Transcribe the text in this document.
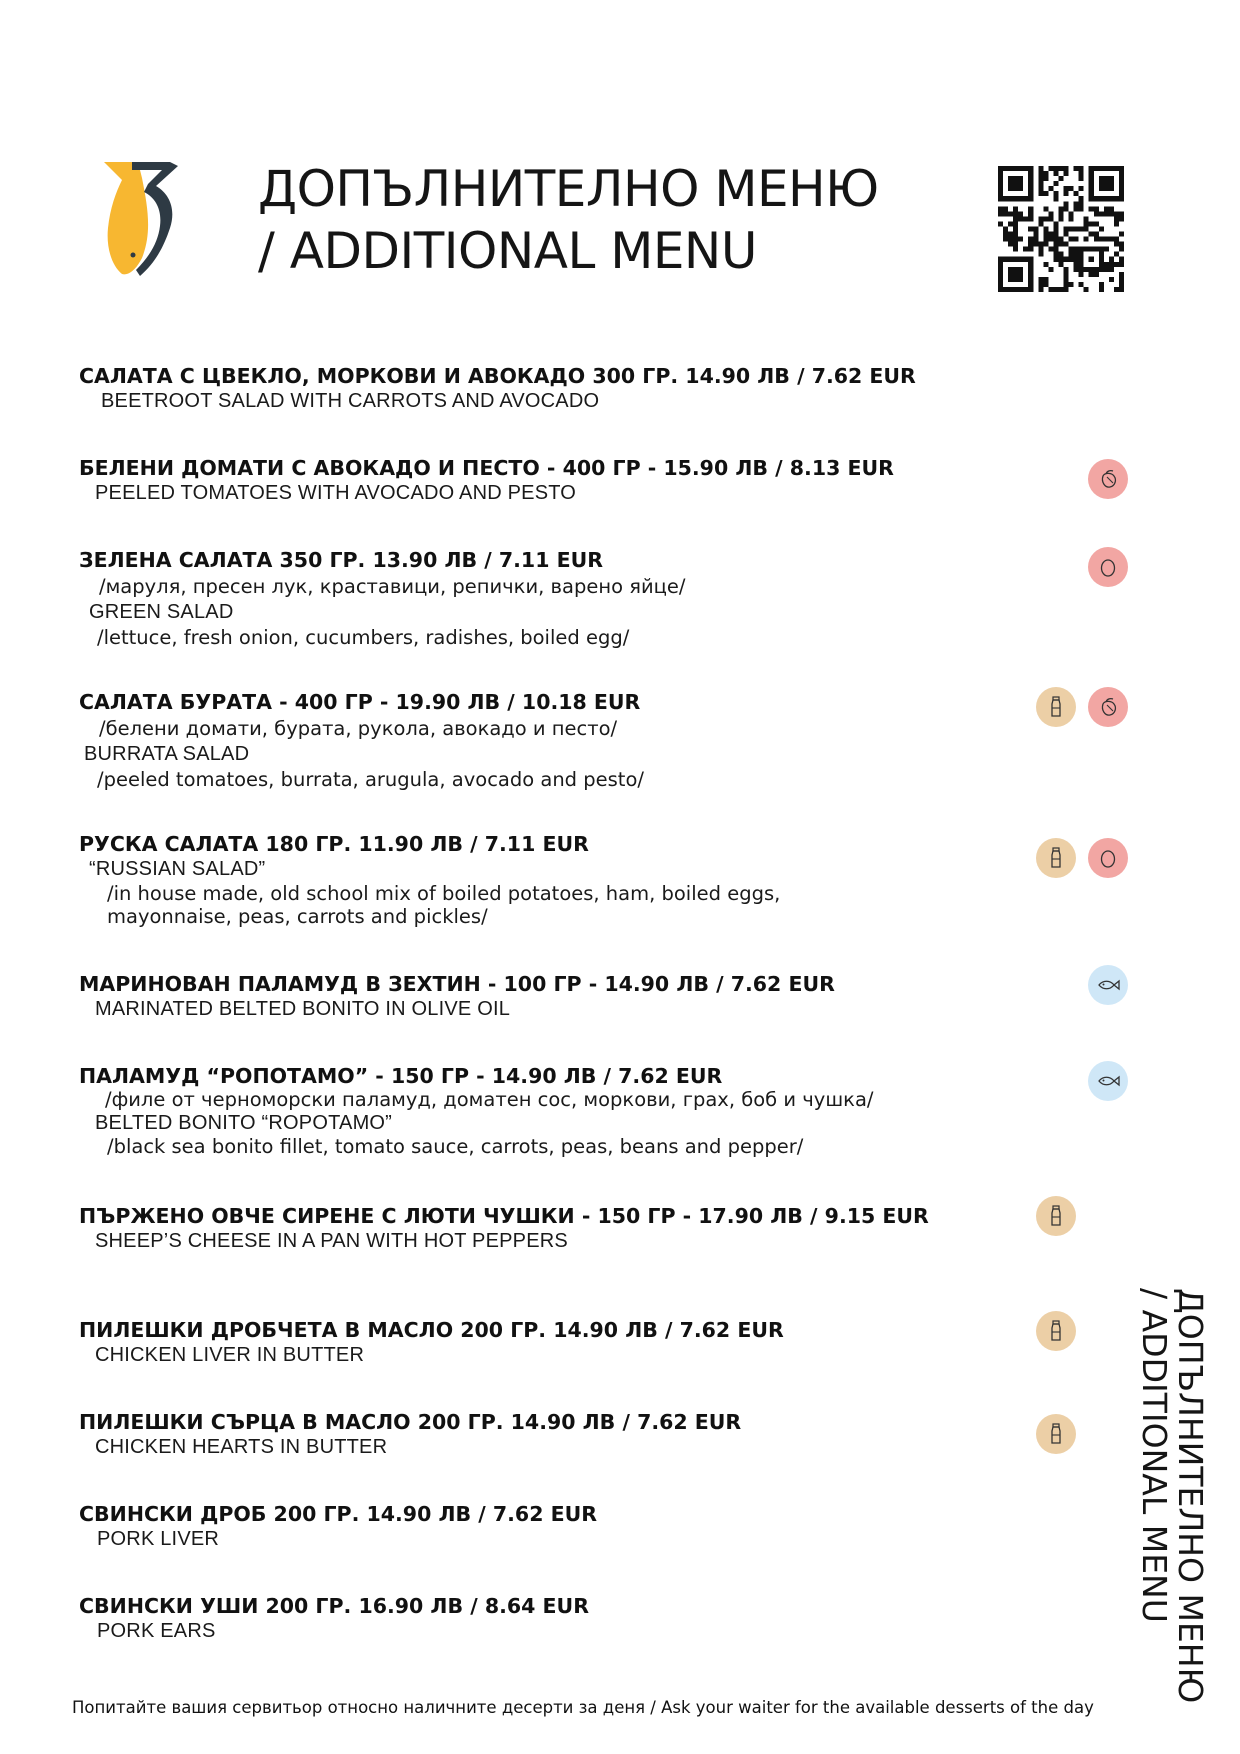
ДОПЪЛНИТЕЛНО МЕНЮ
/ ADDITIONAL MENU
САЛАТА С ЦВЕКЛО, МОРКОВИ И АВОКАДО 300 ГР. 14.90 ЛВ / 7.62 EUR
BEETROOT SALAD WITH CARROTS AND AVOCADO
БЕЛЕНИ ДОМАТИ С АВОКАДО И ПЕСТО - 400 ГР - 15.90 ЛВ / 8.13 EUR
PEELED TOMATOES WITH AVOCADO AND PESTO
ЗЕЛЕНА САЛАТА 350 ГР. 13.90 ЛВ / 7.11 EUR
/маруля, пресен лук, краставици, репички, варено яйце/
GREEN SALAD
/lettuce, fresh onion, cucumbers, radishes, boiled egg/
САЛАТА БУРАТА - 400 ГР - 19.90 ЛВ / 10.18 EUR
/белени домати, бурата, рукола, авокадо и песто/
BURRATA SALAD
/peeled tomatoes, burrata, arugula, avocado and pesto/
РУСКА САЛАТА 180 ГР. 11.90 ЛВ / 7.11 EUR
“RUSSIAN SALAD”
/in house made, old school mix of boiled potatoes, ham, boiled eggs,
mayonnaise, peas, carrots and pickles/
МАРИНОВАН ПАЛАМУД В ЗЕХТИН - 100 ГР - 14.90 ЛВ / 7.62 EUR
MARINATED BELTED BONITO IN OLIVE OIL
ПАЛАМУД “РОПОТАМО” - 150 ГР - 14.90 ЛВ / 7.62 EUR
/филе от черноморски паламуд, доматен сос, моркови, грах, боб и чушка/
BELTED BONITO “ROPOTAMO”
/black sea bonito fillet, tomato sauce, carrots, peas, beans and pepper/
ПЪРЖЕНО ОВЧЕ СИРЕНЕ С ЛЮТИ ЧУШКИ - 150 ГР - 17.90 ЛВ / 9.15 EUR
SHEEP’S CHEESE IN A PAN WITH HOT PEPPERS
ПИЛЕШКИ ДРОБЧЕТА В МАСЛО 200 ГР. 14.90 ЛВ / 7.62 EUR
CHICKEN LIVER IN BUTTER
ПИЛЕШКИ СЪРЦА В МАСЛО 200 ГР. 14.90 ЛВ / 7.62 EUR
CHICKEN HEARTS IN BUTTER
СВИНСКИ ДРОБ 200 ГР. 14.90 ЛВ / 7.62 EUR
PORK LIVER
СВИНСКИ УШИ 200 ГР. 16.90 ЛВ / 8.64 EUR
PORK EARS	ДОПЪЛНИТЕЛНО МЕНЮ
/ ADDITIONAL MENU
Попитайте вашия сервитьор относно наличните десерти за деня / Ask your waiter for the available desserts of the day
